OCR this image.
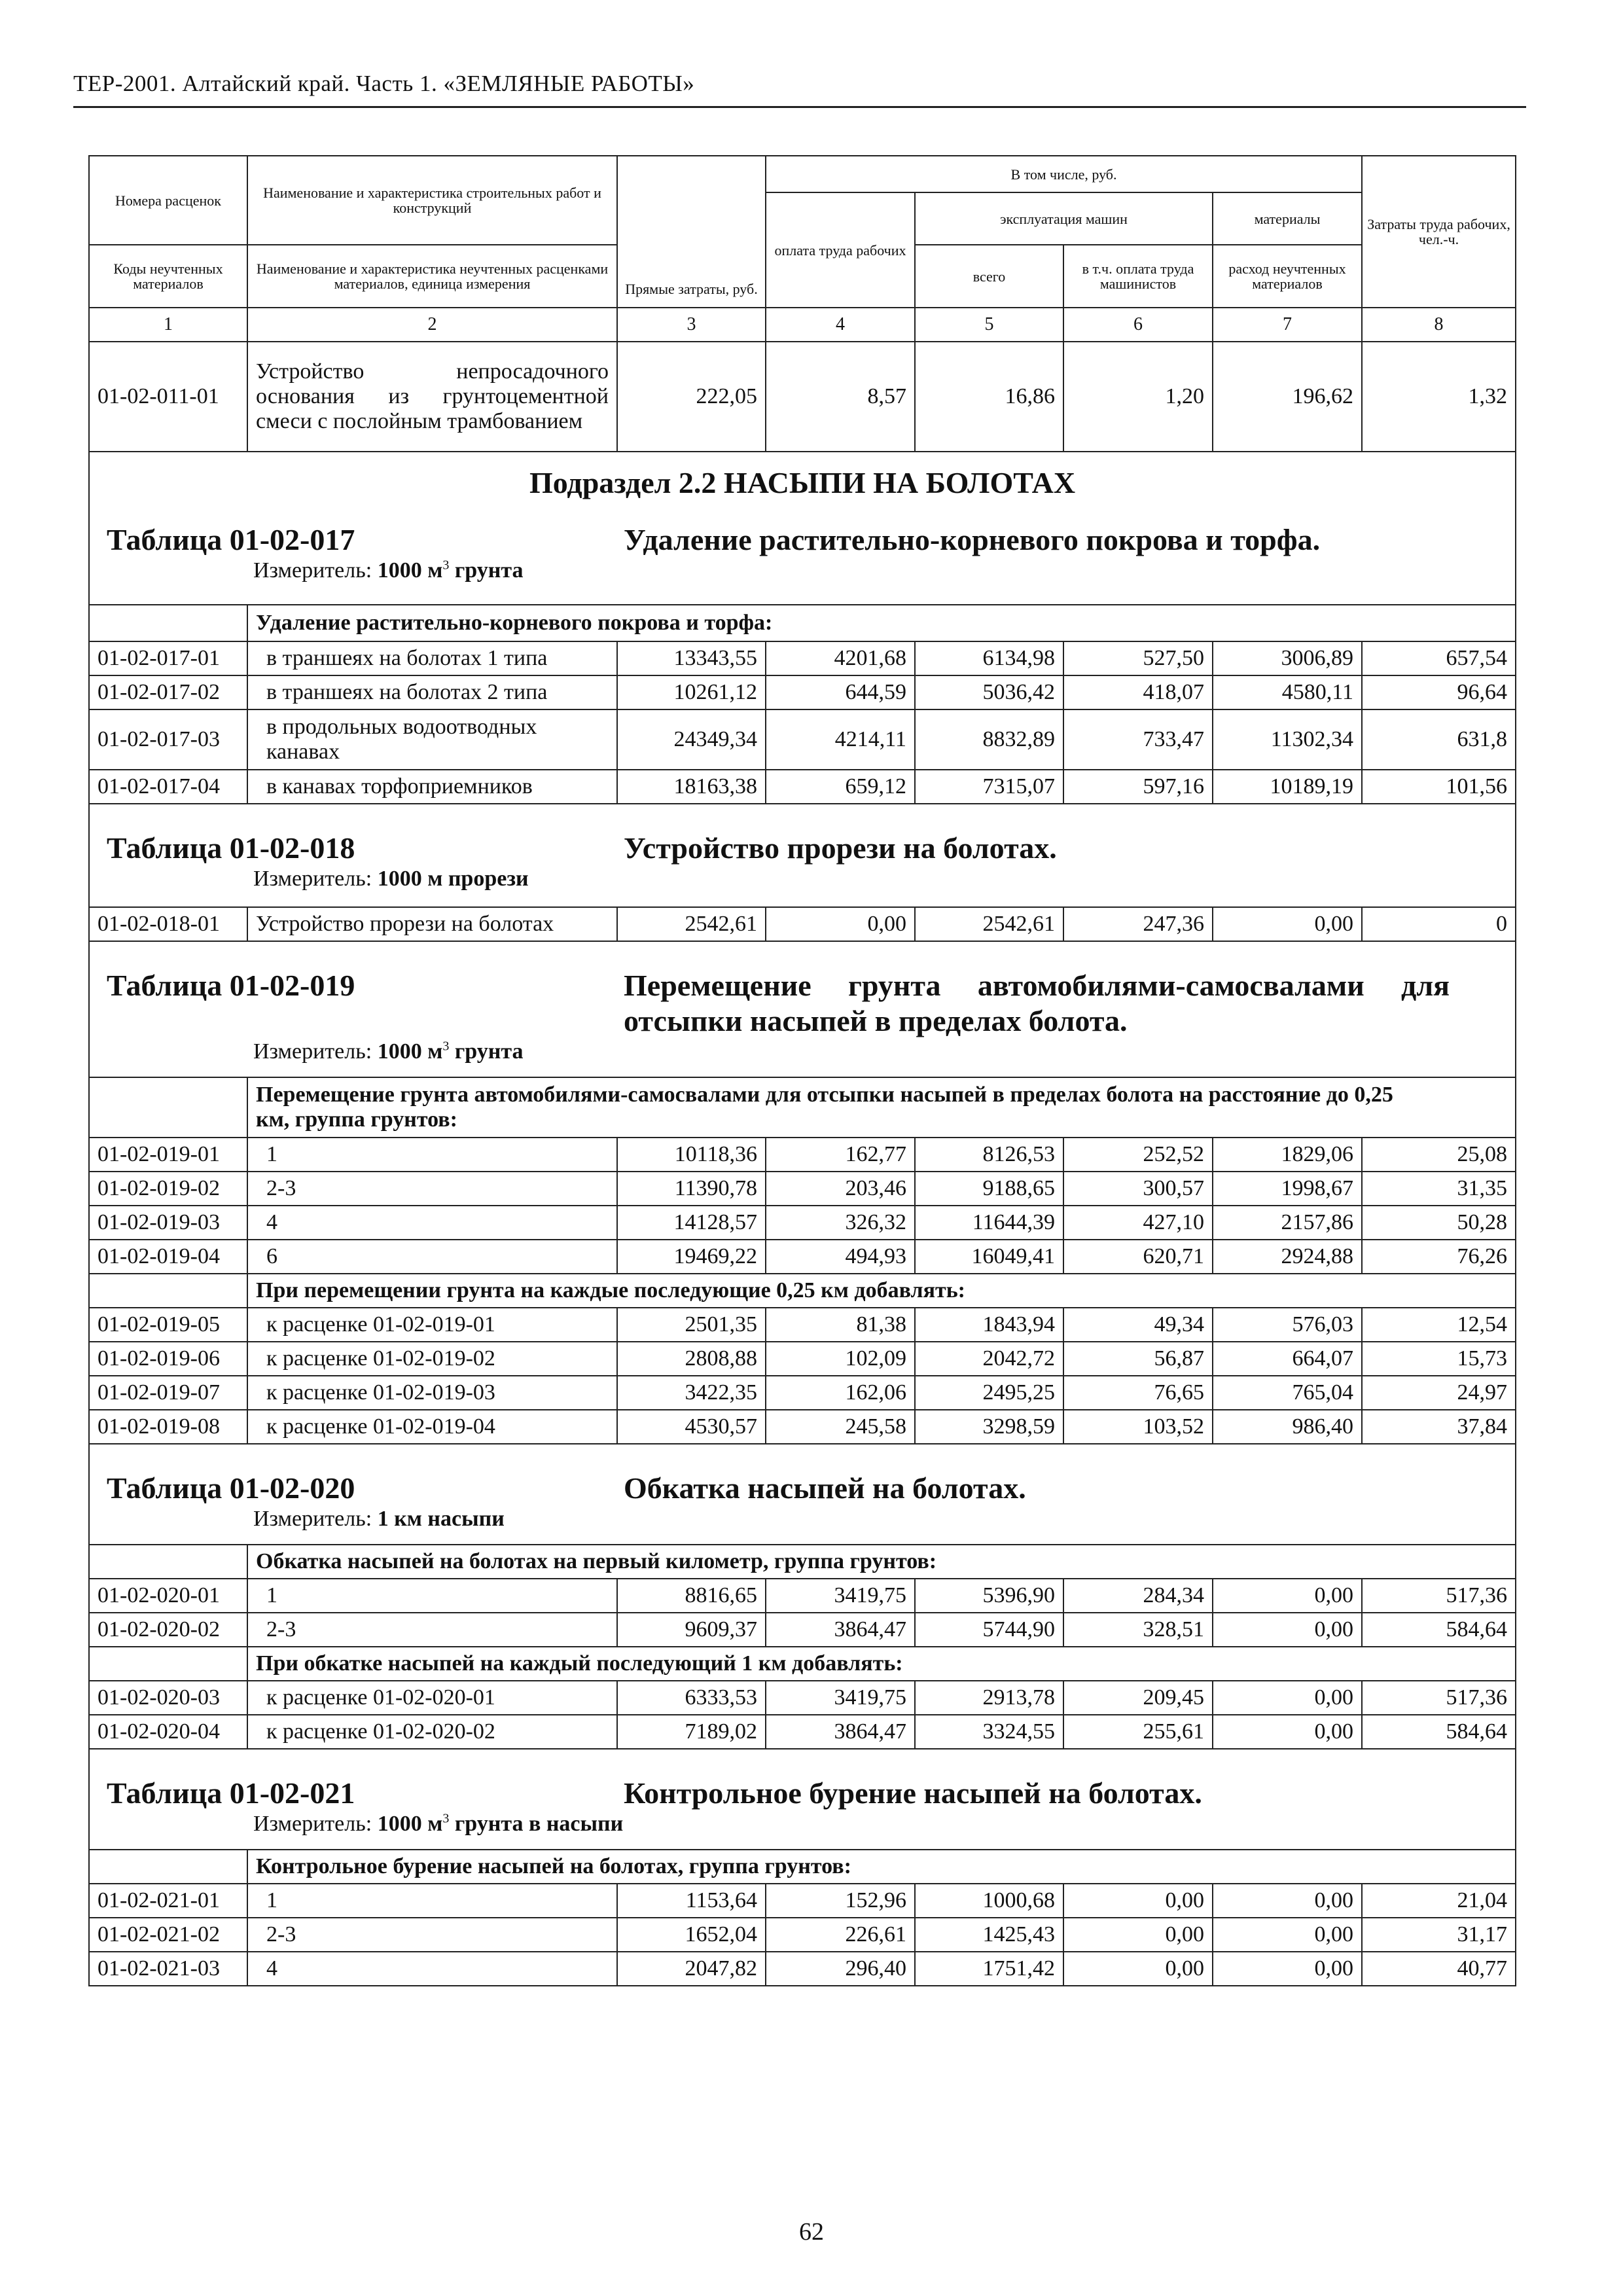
ТЕР-2001. Алтайский край. Часть 1. «ЗЕМЛЯНЫЕ РАБОТЫ»
Номера расценок	Наименование и характеристика строительных работ и конструкций	Прямые затраты, руб.	В том числе, руб.				Затраты труда рабочих, чел.-ч.
			оплата труда рабочих	эксплуатация машин		материалы	
Коды неучтенных материалов	Наименование и характеристика неучтенных расценками материалов, единица измерения			всего	в т.ч. оплата труда машинистов	расход неучтенных материалов	
1	2	3	4	5	6	7	8
01-02-011-01	Устройство непросадочного основания из грунтоцементной смеси с послойным трамбованием	222,05	8,57	16,86	1,20	196,62	1,32

Подраздел 2.2 НАСЫПИ НА БОЛОТАХ
Таблица 01-02-017 Удаление растительно-корневого покрова и торфа.
Измеритель: 1000 $м^3$ грунта							

	Удаление растительно-корневого покрова и торфа:						
01-02-017-01	в траншеях на болотах 1 типа	13343,55	4201,68	6134,98	527,50	3006,89	657,54
01-02-017-02	в траншеях на болотах 2 типа	10261,12	644,59	5036,42	418,07	4580,11	96,64
01-02-017-03	в продольных водоотводных канавах	24349,34	4214,11	8832,89	733,47	11302,34	631,8
01-02-017-04	в канавах торфоприемников	18163,38	659,12	7315,07	597,16	10189,19	101,56

Таблица 01-02-018 Устройство прорези на болотах.
Измеритель: 1000 м прорези							

01-02-018-01	Устройство прорези на болотах	2542,61	0,00	2542,61	247,36	0,00	0

Таблица 01-02-019 Перемещение грунта автомобилями-самосвалами для отсыпки насыпей в пределах болота.
Измеритель: 1000 $м^3$ грунта							

	Перемещение грунта автомобилями-самосвалами для отсыпки насыпей в пределах болота на расстояние до 0,25 км, группа грунтов:						
01-02-019-01	1	10118,36	162,77	8126,53	252,52	1829,06	25,08
01-02-019-02	2-3	11390,78	203,46	9188,65	300,57	1998,67	31,35
01-02-019-03	4	14128,57	326,32	11644,39	427,10	2157,86	50,28
01-02-019-04	6	19469,22	494,93	16049,41	620,71	2924,88	76,26
	При перемещении грунта на каждые последующие 0,25 км добавлять:						
01-02-019-05	к расценке 01-02-019-01	2501,35	81,38	1843,94	49,34	576,03	12,54
01-02-019-06	к расценке 01-02-019-02	2808,88	102,09	2042,72	56,87	664,07	15,73
01-02-019-07	к расценке 01-02-019-03	3422,35	162,06	2495,25	76,65	765,04	24,97
01-02-019-08	к расценке 01-02-019-04	4530,57	245,58	3298,59	103,52	986,40	37,84

Таблица 01-02-020 Обкатка насыпей на болотах.
Измеритель: 1 км насыпи							

	Обкатка насыпей на болотах на первый километр, группа грунтов:						
01-02-020-01	1	8816,65	3419,75	5396,90	284,34	0,00	517,36
01-02-020-02	2-3	9609,37	3864,47	5744,90	328,51	0,00	584,64
	При обкатке насыпей на каждый последующий 1 км добавлять:						
01-02-020-03	к расценке 01-02-020-01	6333,53	3419,75	2913,78	209,45	0,00	517,36
01-02-020-04	к расценке 01-02-020-02	7189,02	3864,47	3324,55	255,61	0,00	584,64

Таблица 01-02-021 Контрольное бурение насыпей на болотах.
Измеритель: 1000 $м^3$ грунта в насыпи							

	Контрольное бурение насыпей на болотах, группа грунтов:						
01-02-021-01	1	1153,64	152,96	1000,68	0,00	0,00	21,04
01-02-021-02	2-3	1652,04	226,61	1425,43	0,00	0,00	31,17
01-02-021-03	4	2047,82	296,40	1751,42	0,00	0,00	40,77
62
